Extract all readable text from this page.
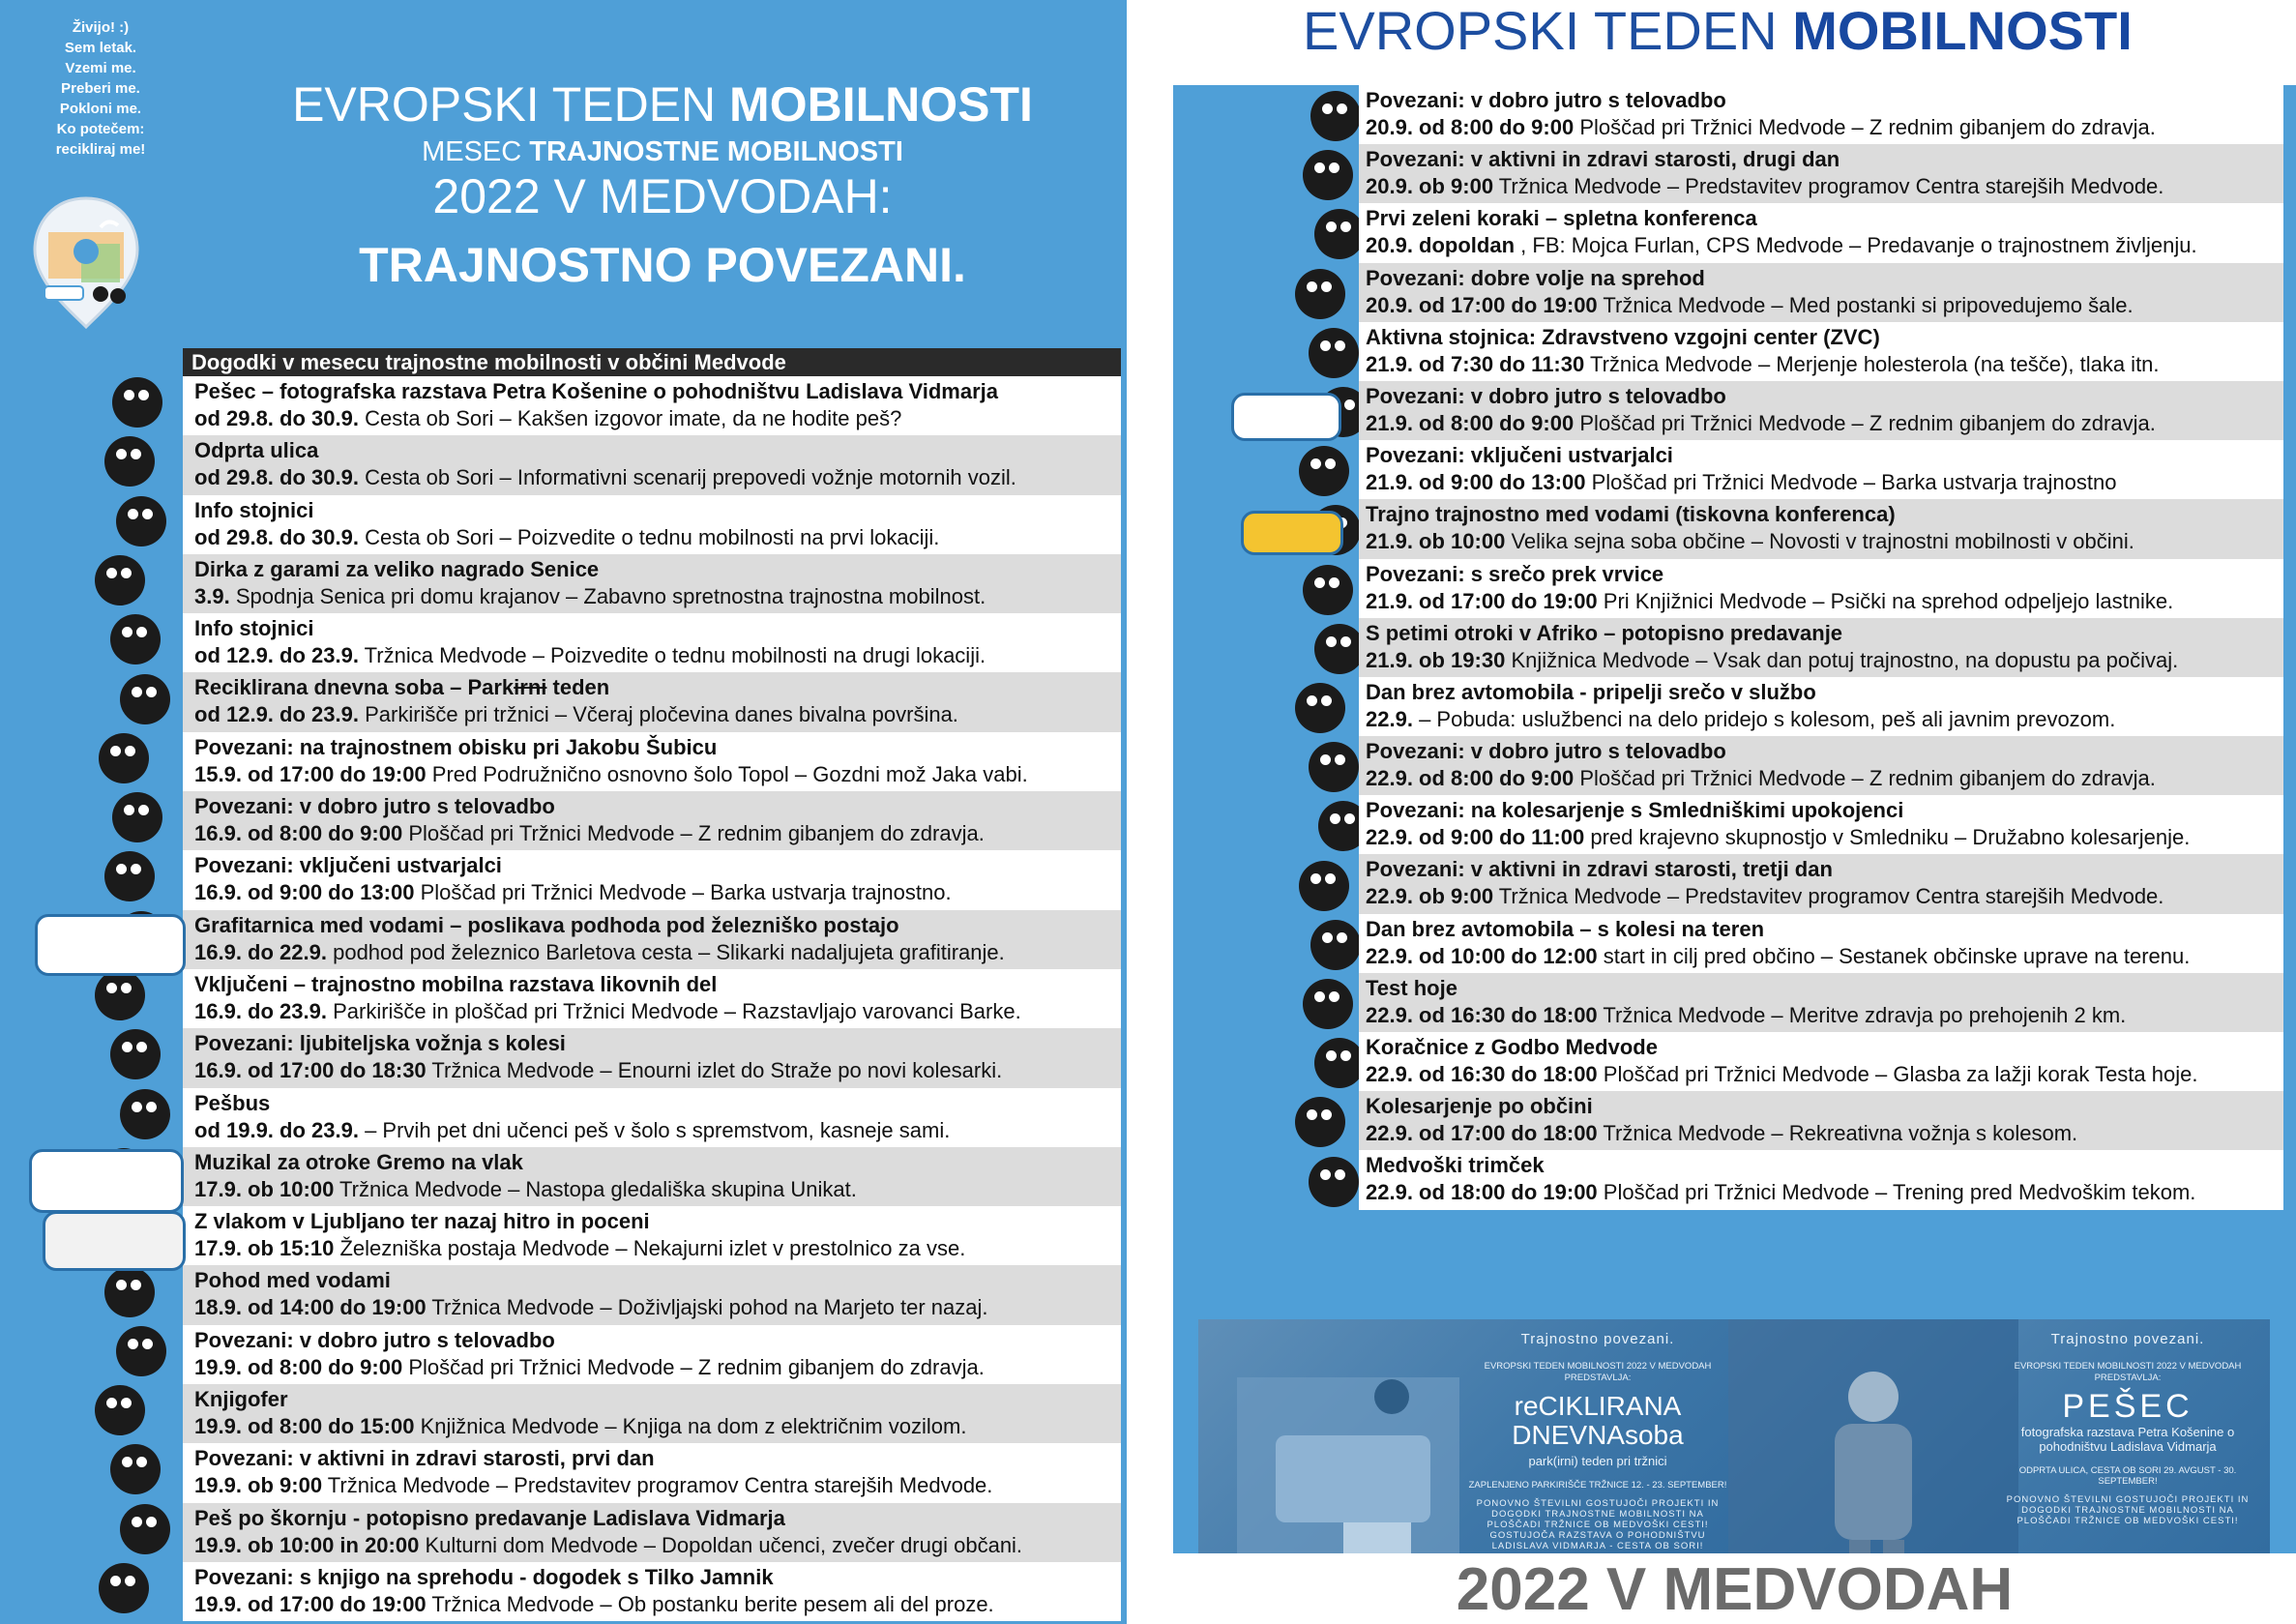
Živijo! :)
Sem letak.
Vzemi me.
Preberi me.
Pokloni me.
Ko potečem:
recikliraj me!
EVROPSKI TEDEN MOBILNOSTI
MESEC TRAJNOSTNE MOBILNOSTI
2022 V MEDVODAH:
TRAJNOSTNO POVEZANI.
Dogodki v mesecu trajnostne mobilnosti v občini Medvode
Pešec – fotografska razstava Petra Košenine o pohodništvu Ladislava Vidmarja
od 29.8. do 30.9. Cesta ob Sori – Kakšen izgovor imate, da ne hodite peš?
Odprta ulica
od 29.8. do 30.9. Cesta ob Sori – Informativni scenarij prepovedi vožnje motornih vozil.
Info stojnici
od 29.8. do 30.9. Cesta ob Sori – Poizvedite o tednu mobilnosti na prvi lokaciji.
Dirka z garami za veliko nagrado Senice
3.9. Spodnja Senica pri domu krajanov – Zabavno spretnostna trajnostna mobilnost.
Info stojnici
od 12.9. do 23.9. Tržnica Medvode – Poizvedite o tednu mobilnosti na drugi lokaciji.
Reciklirana dnevna soba – Parkirni teden
od 12.9. do 23.9. Parkirišče pri tržnici – Včeraj pločevina danes bivalna površina.
Povezani: na trajnostnem obisku pri Jakobu Šubicu
15.9. od 17:00 do 19:00 Pred Podružnično osnovno šolo Topol – Gozdni mož Jaka vabi.
Povezani: v dobro jutro s telovadbo
16.9. od 8:00 do 9:00 Ploščad pri Tržnici Medvode – Z rednim gibanjem do zdravja.
Povezani: vključeni ustvarjalci
16.9. od 9:00 do 13:00 Ploščad pri Tržnici Medvode – Barka ustvarja trajnostno.
Grafitarnica med vodami – poslikava podhoda pod železniško postajo
16.9. do 22.9. podhod pod železnico Barletova cesta – Slikarki nadaljujeta grafitiranje.
Vključeni – trajnostno mobilna razstava likovnih del
16.9. do 23.9. Parkirišče in ploščad pri Tržnici Medvode – Razstavljajo varovanci Barke.
Povezani: ljubiteljska vožnja s kolesi
16.9. od 17:00 do 18:30 Tržnica Medvode – Enourni izlet do Straže po novi kolesarki.
Pešbus
od 19.9. do 23.9. – Prvih pet dni učenci peš v šolo s spremstvom, kasneje sami.
Muzikal za otroke Gremo na vlak
17.9. ob 10:00 Tržnica Medvode – Nastopa gledališka skupina Unikat.
Z vlakom v Ljubljano ter nazaj hitro in poceni
17.9. ob 15:10 Železniška postaja Medvode – Nekajurni izlet v prestolnico za vse.
Pohod med vodami
18.9. od 14:00 do 19:00 Tržnica Medvode – Doživljajski pohod na Marjeto ter nazaj.
Povezani: v dobro jutro s telovadbo
19.9. od 8:00 do 9:00 Ploščad pri Tržnici Medvode – Z rednim gibanjem do zdravja.
Knjigofer
19.9. od 8:00 do 15:00 Knjižnica Medvode – Knjiga na dom z električnim vozilom.
Povezani: v aktivni in zdravi starosti, prvi dan
19.9. ob 9:00 Tržnica Medvode – Predstavitev programov Centra starejših Medvode.
Peš po škornju - potopisno predavanje Ladislava Vidmarja
19.9. ob 10:00 in 20:00 Kulturni dom Medvode – Dopoldan učenci, zvečer drugi občani.
Povezani: s knjigo na sprehodu - dogodek s Tilko Jamnik
19.9. od 17:00 do 19:00 Tržnica Medvode – Ob postanku berite pesem ali del proze.
EVROPSKI TEDEN MOBILNOSTI
Trajnostno povezani.
EVROPSKI TEDEN MOBILNOSTI 2022 V MEDVODAH PREDSTAVLJA:
reCIKLIRANA
DNEVNAsoba
park(irni) teden pri tržnici
ZAPLENJENO PARKIRIŠČE TRŽNICE 12. - 23. SEPTEMBER!
PONOVNO ŠTEVILNI GOSTUJOČI PROJEKTI IN DOGODKI TRAJNOSTNE MOBILNOSTI NA PLOŠČADI TRŽNICE OB MEDVOŠKI CESTI! GOSTUJOČA RAZSTAVA O POHODNIŠTVU LADISLAVA VIDMARJA - CESTA OB SORI!
Trajnostno povezani.
EVROPSKI TEDEN MOBILNOSTI 2022 V MEDVODAH PREDSTAVLJA:
PEŠEC
fotografska razstava Petra Košenine o pohodništvu Ladislava Vidmarja
ODPRTA ULICA, CESTA OB SORI 29. AVGUST - 30. SEPTEMBER!
PONOVNO ŠTEVILNI GOSTUJOČI PROJEKTI IN DOGODKI TRAJNOSTNE MOBILNOSTI NA PLOŠČADI TRŽNICE OB MEDVOŠKI CESTI!
Povezani: v dobro jutro s telovadbo
20.9. od 8:00 do 9:00 Ploščad pri Tržnici Medvode – Z rednim gibanjem do zdravja.
Povezani: v aktivni in zdravi starosti, drugi dan
20.9. ob 9:00 Tržnica Medvode – Predstavitev programov Centra starejših Medvode.
Prvi zeleni koraki – spletna konferenca
20.9. dopoldan , FB: Mojca Furlan, CPS Medvode – Predavanje o trajnostnem življenju.
Povezani: dobre volje na sprehod
20.9. od 17:00 do 19:00 Tržnica Medvode – Med postanki si pripovedujemo šale.
Aktivna stojnica: Zdravstveno vzgojni center (ZVC)
21.9. od 7:30 do 11:30 Tržnica Medvode – Merjenje holesterola (na tešče), tlaka itn.
Povezani: v dobro jutro s telovadbo
21.9. od 8:00 do 9:00 Ploščad pri Tržnici Medvode – Z rednim gibanjem do zdravja.
Povezani: vključeni ustvarjalci
21.9. od 9:00 do 13:00 Ploščad pri Tržnici Medvode – Barka ustvarja trajnostno
Trajno trajnostno med vodami (tiskovna konferenca)
21.9. ob 10:00 Velika sejna soba občine – Novosti v trajnostni mobilnosti v občini.
Povezani: s srečo prek vrvice
21.9. od 17:00 do 19:00 Pri Knjižnici Medvode – Psički na sprehod odpeljejo lastnike.
S petimi otroki v Afriko – potopisno predavanje
21.9. ob 19:30 Knjižnica Medvode – Vsak dan potuj trajnostno, na dopustu pa počivaj.
Dan brez avtomobila - pripelji srečo v službo
22.9. – Pobuda: uslužbenci na delo pridejo s kolesom, peš ali javnim prevozom.
Povezani: v dobro jutro s telovadbo
22.9. od 8:00 do 9:00 Ploščad pri Tržnici Medvode – Z rednim gibanjem do zdravja.
Povezani: na kolesarjenje s Smledniškimi upokojenci
22.9. od 9:00 do 11:00 pred krajevno skupnostjo v Smledniku – Družabno kolesarjenje.
Povezani: v aktivni in zdravi starosti, tretji dan
22.9. ob 9:00 Tržnica Medvode – Predstavitev programov Centra starejših Medvode.
Dan brez avtomobila – s kolesi na teren
22.9. od 10:00 do 12:00 start in cilj pred občino – Sestanek občinske uprave na terenu.
Test hoje
22.9. od 16:30 do 18:00 Tržnica Medvode – Meritve zdravja po prehojenih 2 km.
Koračnice z Godbo Medvode
22.9. od 16:30 do 18:00 Ploščad pri Tržnici Medvode – Glasba za lažji korak Testa hoje.
Kolesarjenje po občini
22.9. od 17:00 do 18:00 Tržnica Medvode – Rekreativna vožnja s kolesom.
Medvoški trimček
22.9. od 18:00 do 19:00 Ploščad pri Tržnici Medvode – Trening pred Medvoškim tekom.
2022 V MEDVODAH
